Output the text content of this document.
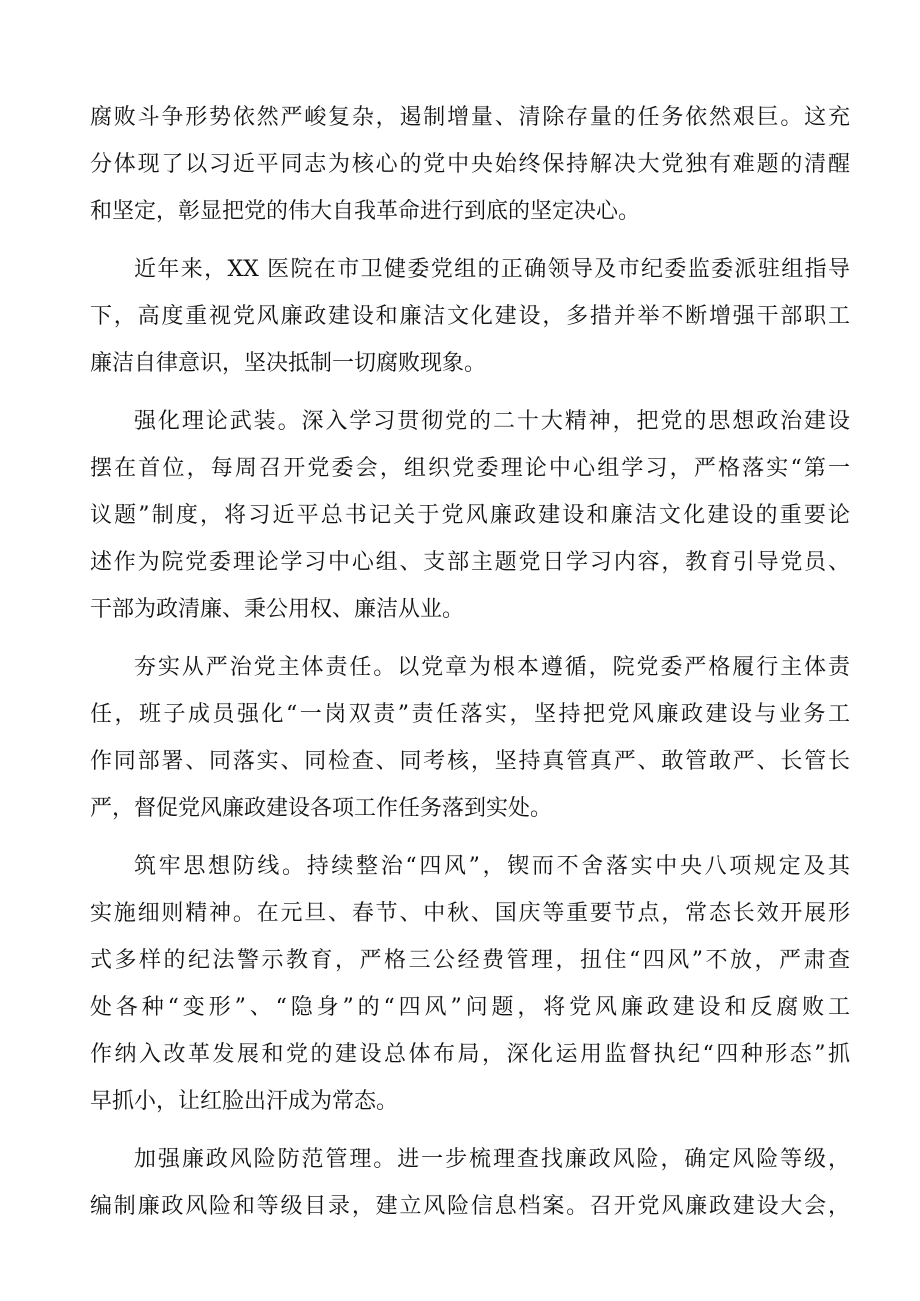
腐败斗争形势依然严峻复杂，遏制增量、清除存量的任务依然艰巨。这充
分体现了以习近平同志为核心的党中央始终保持解决大党独有难题的清醒
和坚定，彰显把党的伟大自我革命进行到底的坚定决心。

近年来，XX 医院在市卫健委党组的正确领导及市纪委监委派驻组指导
下，高度重视党风廉政建设和廉洁文化建设，多措并举不断增强干部职工
廉洁自律意识，坚决抵制一切腐败现象。

强化理论武装。深入学习贯彻党的二十大精神，把党的思想政治建设
摆在首位，每周召开党委会，组织党委理论中心组学习，严格落实“第一
议题”制度，将习近平总书记关于党风廉政建设和廉洁文化建设的重要论
述作为院党委理论学习中心组、支部主题党日学习内容，教育引导党员、
干部为政清廉、秉公用权、廉洁从业。

夯实从严治党主体责任。以党章为根本遵循，院党委严格履行主体责
任，班子成员强化“一岗双责”责任落实，坚持把党风廉政建设与业务工
作同部署、同落实、同检查、同考核，坚持真管真严、敢管敢严、长管长
严，督促党风廉政建设各项工作任务落到实处。

筑牢思想防线。持续整治“四风”，锲而不舍落实中央八项规定及其
实施细则精神。在元旦、春节、中秋、国庆等重要节点，常态长效开展形
式多样的纪法警示教育，严格三公经费管理，扭住“四风”不放，严肃查
处各种“变形”、“隐身”的“四风”问题，将党风廉政建设和反腐败工
作纳入改革发展和党的建设总体布局，深化运用监督执纪“四种形态”抓
早抓小，让红脸出汗成为常态。

加强廉政风险防范管理。进一步梳理查找廉政风险，确定风险等级，
编制廉政风险和等级目录，建立风险信息档案。召开党风廉政建设大会，
